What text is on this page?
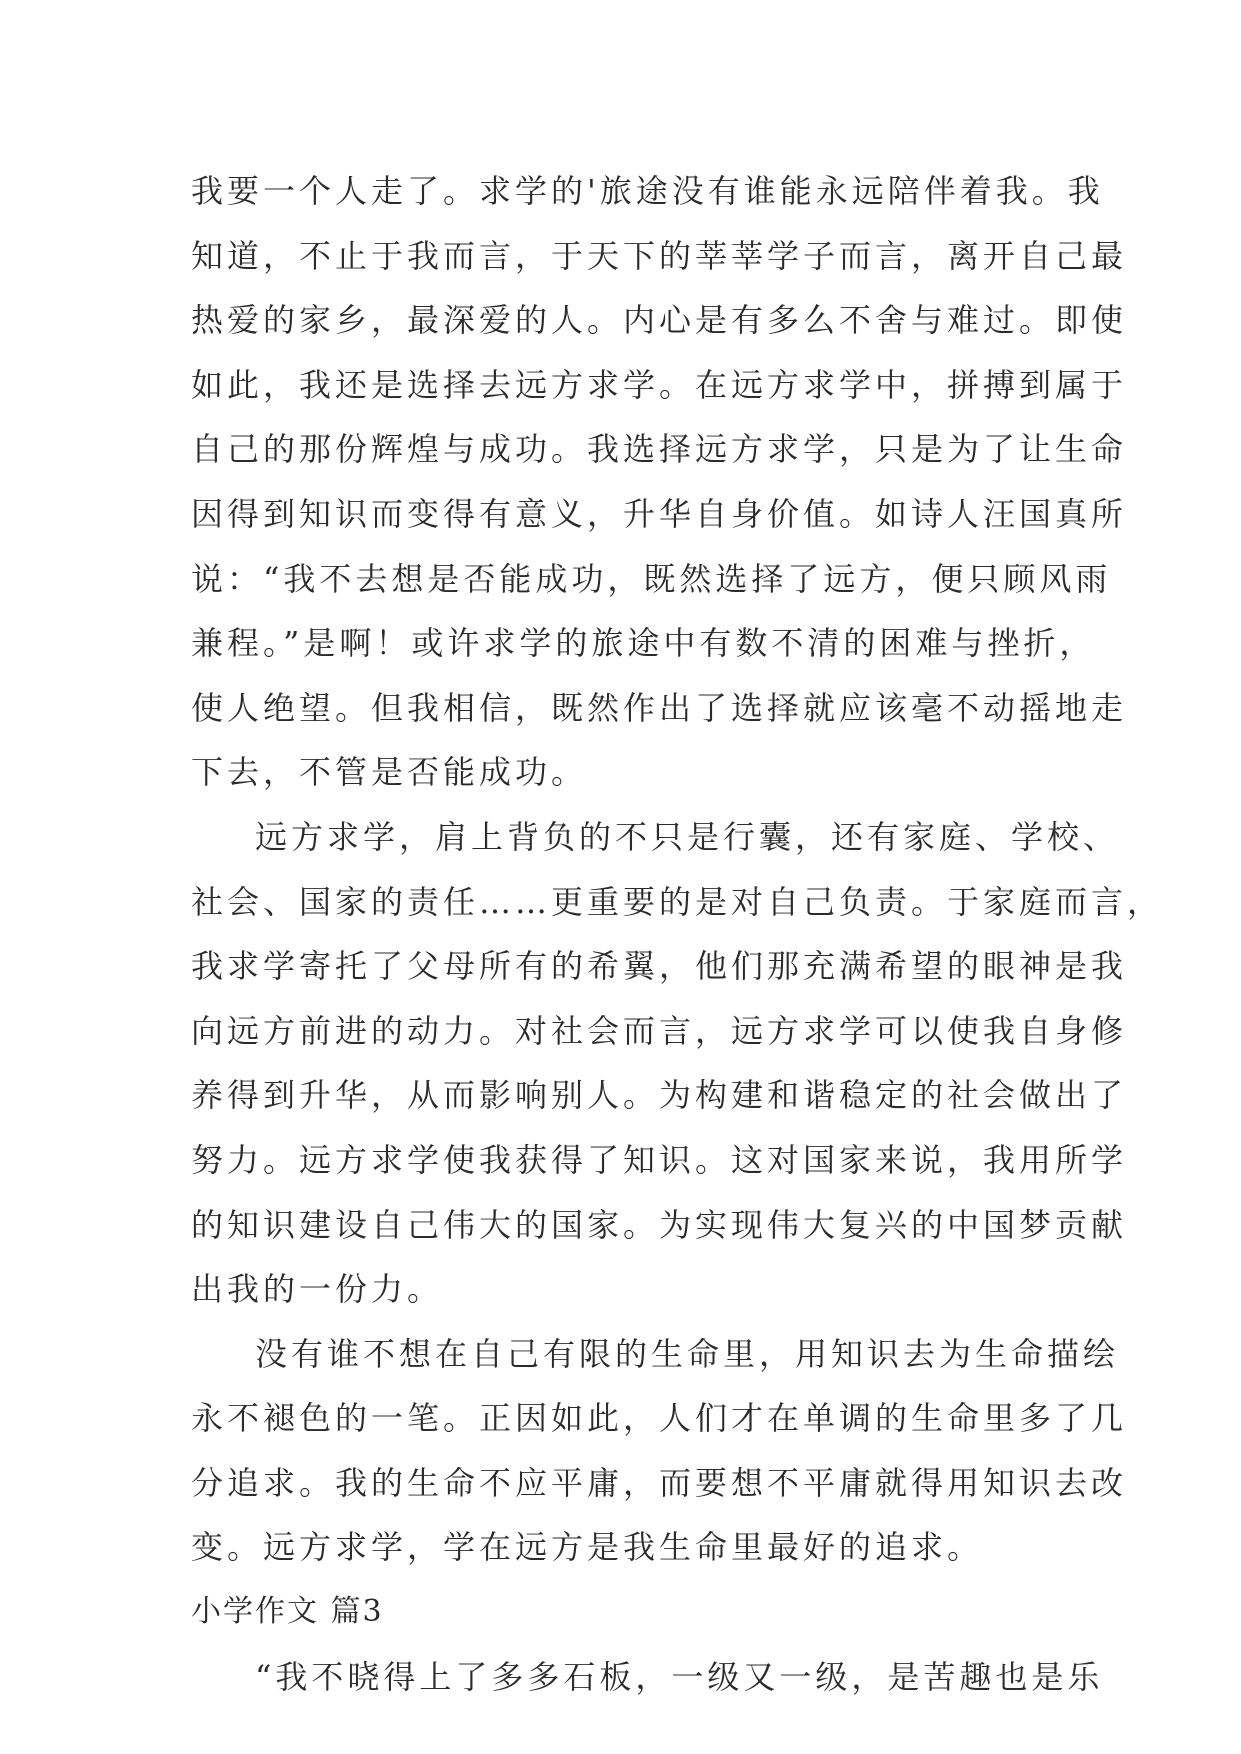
我要一个人走了。求学的'旅途没有谁能永远陪伴着我。我
知道，不止于我而言，于天下的莘莘学子而言，离开自己最
热爱的家乡，最深爱的人。内心是有多么不舍与难过。即使
如此，我还是选择去远方求学。在远方求学中，拼搏到属于
自己的那份辉煌与成功。我选择远方求学，只是为了让生命
因得到知识而变得有意义，升华自身价值。如诗人汪国真所
说：“我不去想是否能成功，既然选择了远方，便只顾风雨
兼程。”是啊！或许求学的旅途中有数不清的困难与挫折，
使人绝望。但我相信，既然作出了选择就应该毫不动摇地走
下去，不管是否能成功。

远方求学，肩上背负的不只是行囊，还有家庭、学校、
社会、国家的责任……更重要的是对自己负责。于家庭而言，
我求学寄托了父母所有的希翼，他们那充满希望的眼神是我
向远方前进的动力。对社会而言，远方求学可以使我自身修
养得到升华，从而影响别人。为构建和谐稳定的社会做出了
努力。远方求学使我获得了知识。这对国家来说，我用所学
的知识建设自己伟大的国家。为实现伟大复兴的中国梦贡献
出我的一份力。

没有谁不想在自己有限的生命里，用知识去为生命描绘
永不褪色的一笔。正因如此，人们才在单调的生命里多了几
分追求。我的生命不应平庸，而要想不平庸就得用知识去改
变。远方求学，学在远方是我生命里最好的追求。

小学作文 篇3

“我不晓得上了多多石板，一级又一级，是苦趣也是乐
